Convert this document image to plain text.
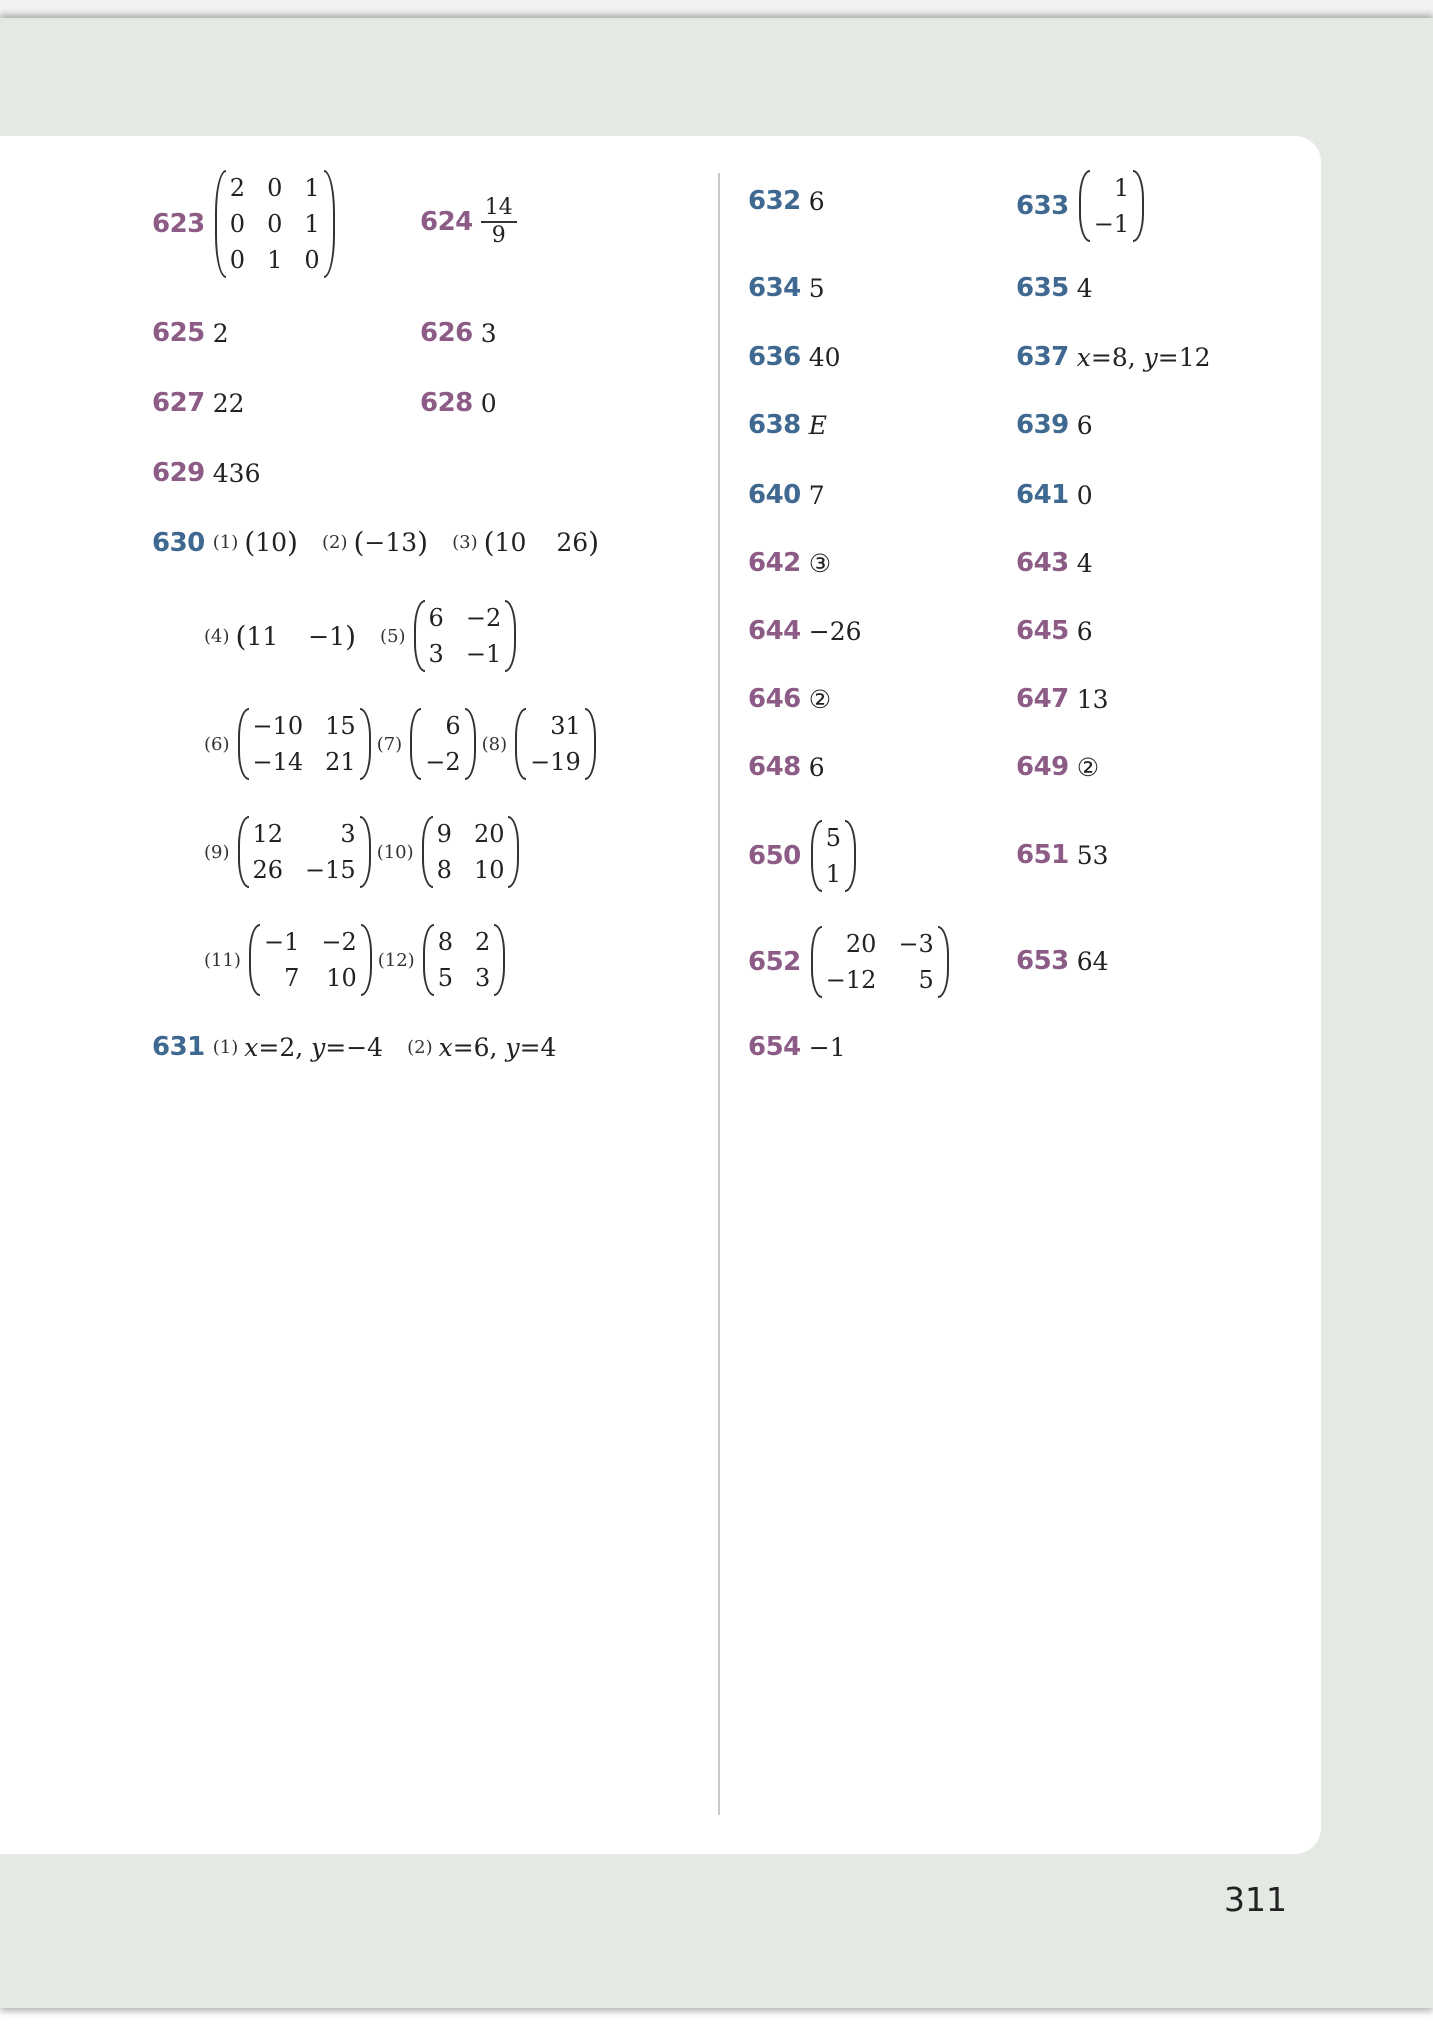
623
2 0 1
0 0 1
0 1 0
$624 \frac{14}{9}$
625 2	626 3
627 22	628 0
629 436
630 (1) ( 10 ) (2) ( −13 ) (3) ( 10 26 )
(4) ( 11 −1 ) (5)
6 −2
3 −1
(6)
−10 15
−14 21
(7)
6
−2
(8)
31
−19
(9)
12	3
26 −15
(10)
9 20
8 10
(11)
−1 −2
7 10
(12)
8 2
5 3
631 (1) x=2, y=−4 (2) x=6, y=4
632 6	633
1
−1
634 5	635 4
636 40	637 x=8, y=12
638 E	639 6
640 7	641 0
642 ③	643 4
644 −26	645 6
646 ②	647 13
648 6	649 ②
650
5
1
651 53
652
20 −3
−12	5
653 64
654 −1
311
